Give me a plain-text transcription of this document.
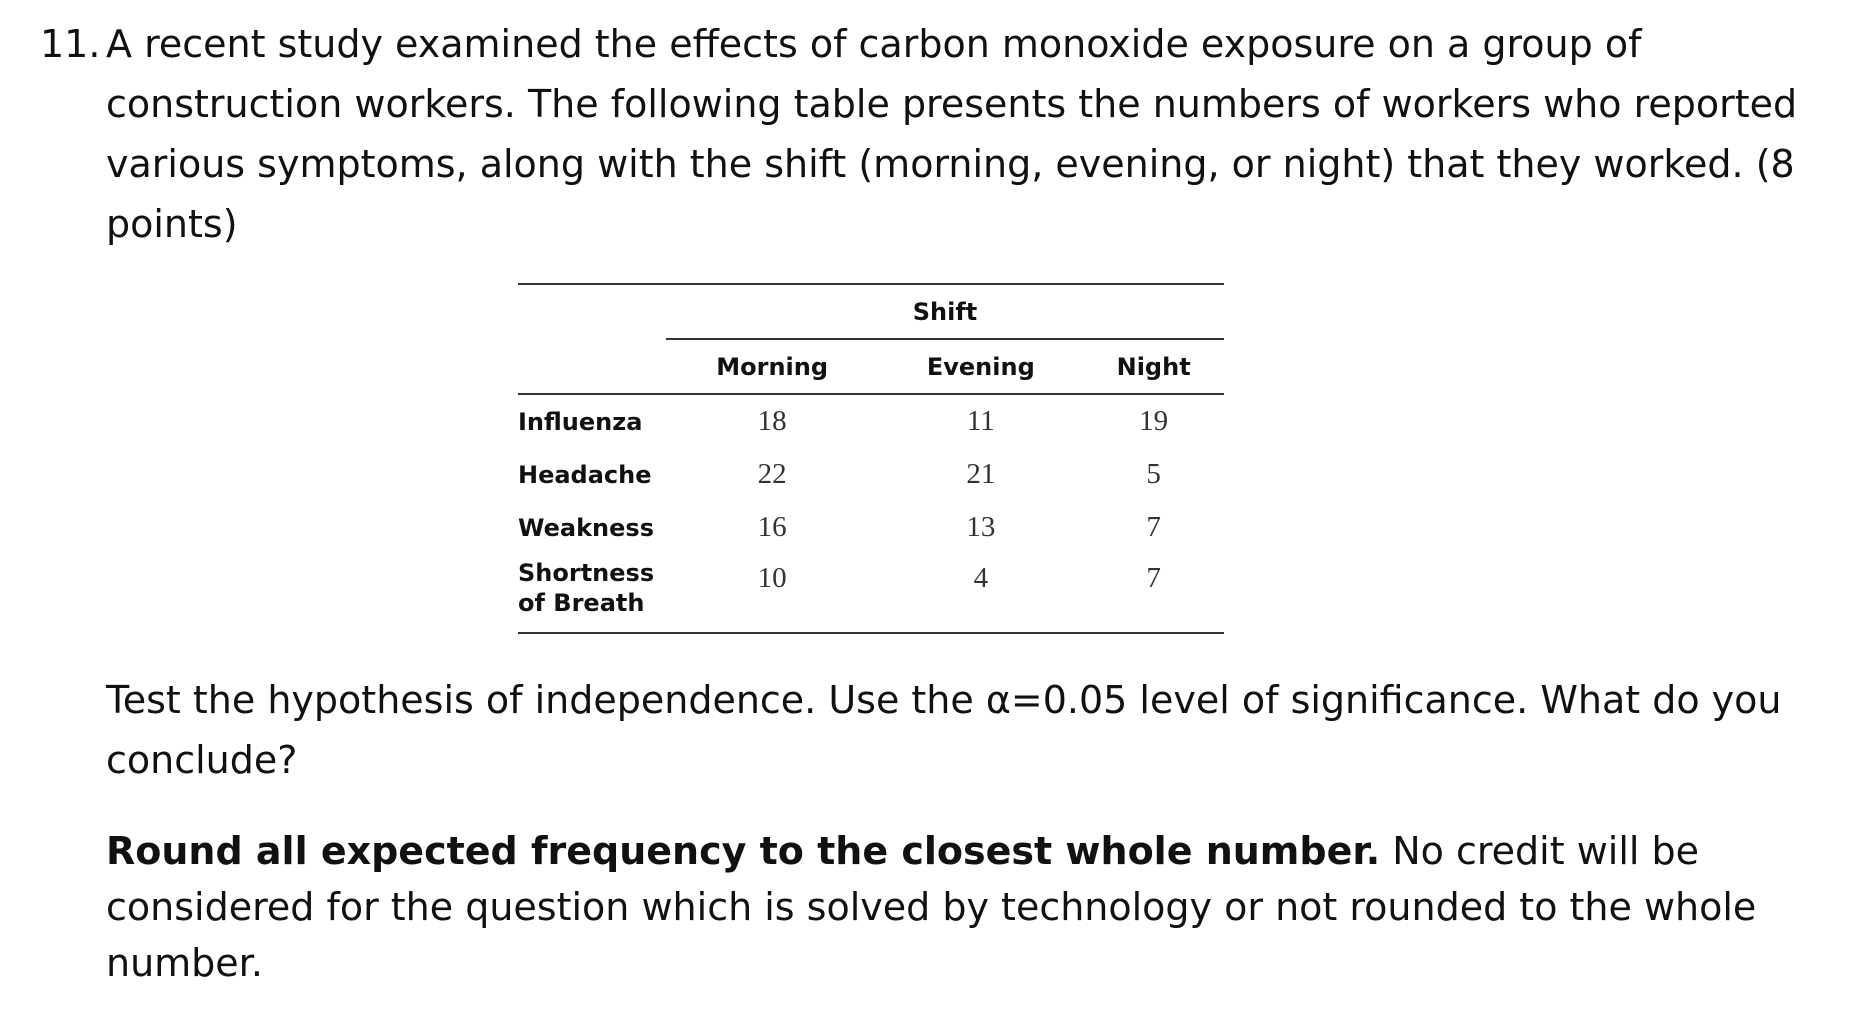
11. A recent study examined the effects of carbon monoxide exposure on a group of construction workers. The following table presents the numbers of workers who reported various symptoms, along with the shift (morning, evening, or night) that they worked. (8 points)
	Shift		
	Morning	Evening	Night
Influenza	18	11	19
Headache	22	21	5
Weakness	16	13	7
Shortness
of Breath	10	4	7
Test the hypothesis of independence. Use the α=0.05 level of significance. What do you conclude?
Round all expected frequency to the closest whole number. No credit will be considered for the question which is solved by technology or not rounded to the whole number.
